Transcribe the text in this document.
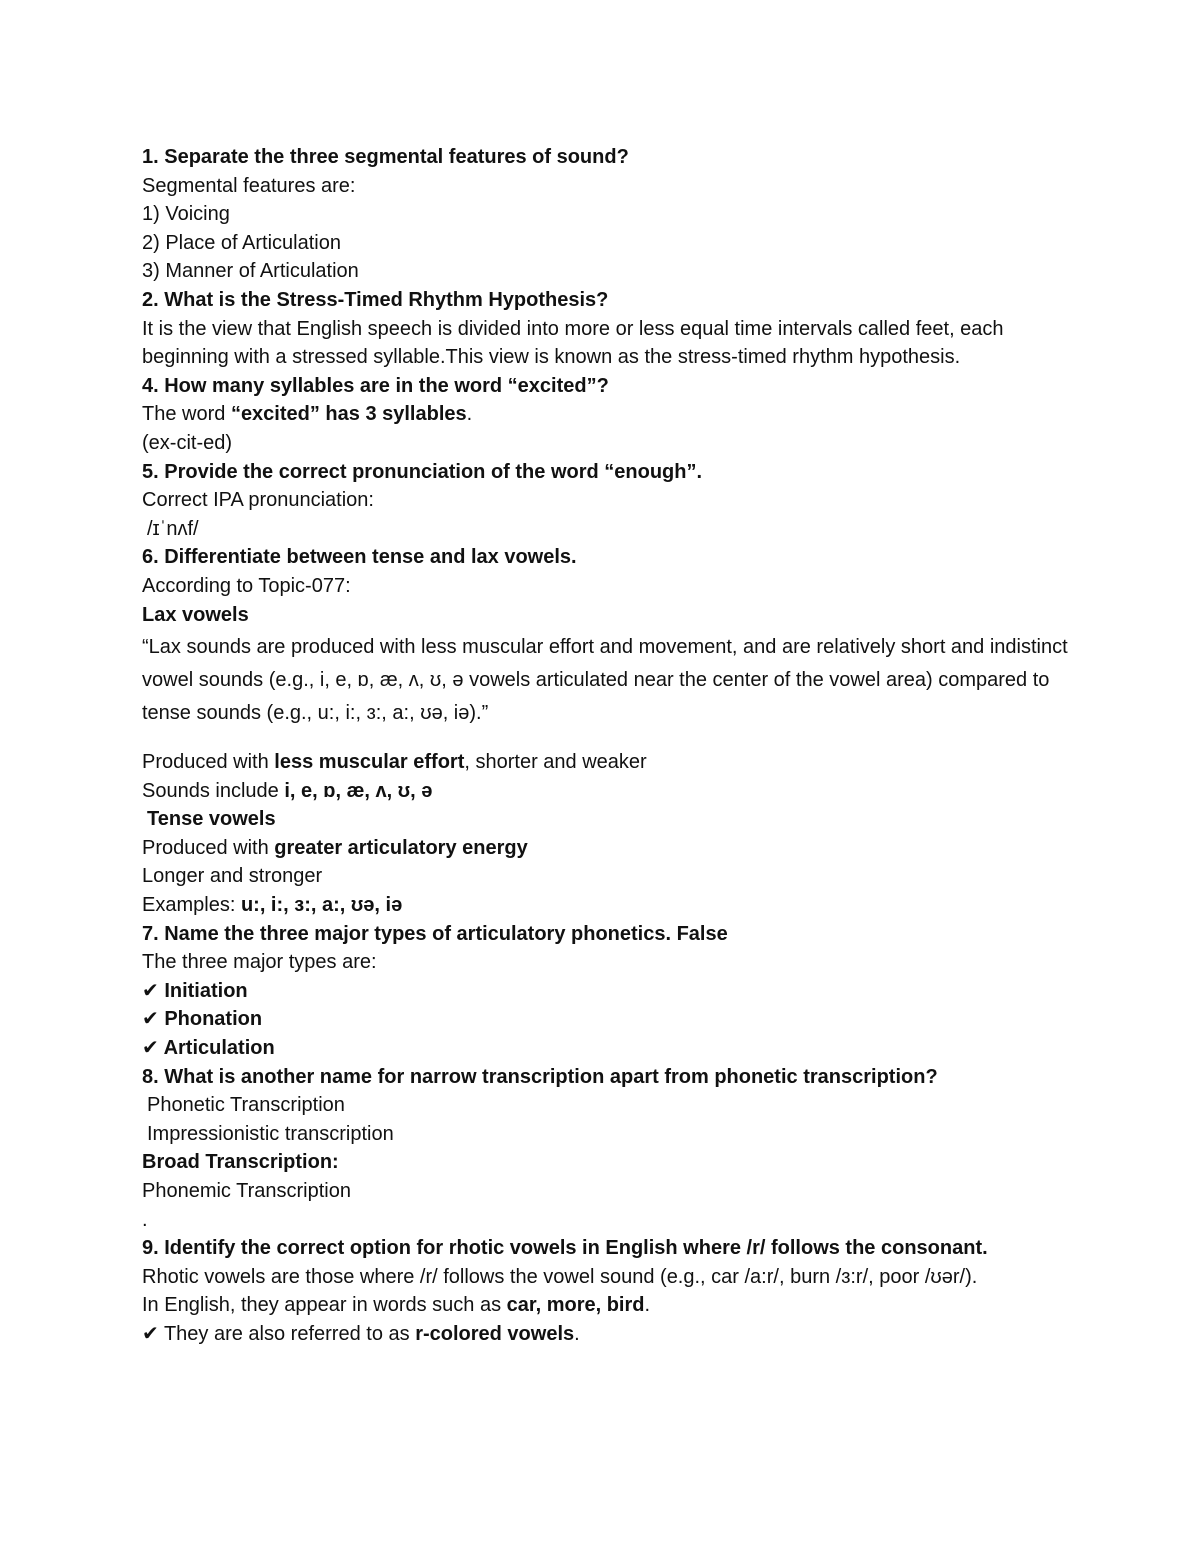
1. Separate the three segmental features of sound?
Segmental features are:
1) Voicing
2) Place of Articulation
3) Manner of Articulation
2. What is the Stress-Timed Rhythm Hypothesis?
It is the view that English speech is divided into more or less equal time intervals called feet, each beginning with a stressed syllable.This view is known as the stress-timed rhythm hypothesis.
4. How many syllables are in the word “excited”?
The word “excited” has 3 syllables.
(ex-cit-ed)
5. Provide the correct pronunciation of the word “enough”.
Correct IPA pronunciation:
/ɪˈnʌf/
6. Differentiate between tense and lax vowels.
According to Topic-077:
Lax vowels
“Lax sounds are produced with less muscular effort and movement, and are relatively short and indistinct vowel sounds (e.g., i, e, ɒ, æ, ʌ, ʊ, ə vowels articulated near the center of the vowel area) compared to tense sounds (e.g., u:, i:, ɜ:, a:, ʊə, iə).”
Produced with less muscular effort, shorter and weaker
Sounds include i, e, ɒ, æ, ʌ, ʊ, ə
Tense vowels
Produced with greater articulatory energy
Longer and stronger
Examples: u:, i:, ɜ:, a:, ʊə, iə
7. Name the three major types of articulatory phonetics. False
The three major types are:
✔ Initiation
✔ Phonation
✔ Articulation
8. What is another name for narrow transcription apart from phonetic transcription?
Phonetic Transcription
Impressionistic transcription
Broad Transcription:
Phonemic Transcription
.
9. Identify the correct option for rhotic vowels in English where /r/ follows the consonant.
Rhotic vowels are those where /r/ follows the vowel sound (e.g., car /a:r/, burn /ɜ:r/, poor /ʊər/).
In English, they appear in words such as car, more, bird.
✔ They are also referred to as r-colored vowels.
